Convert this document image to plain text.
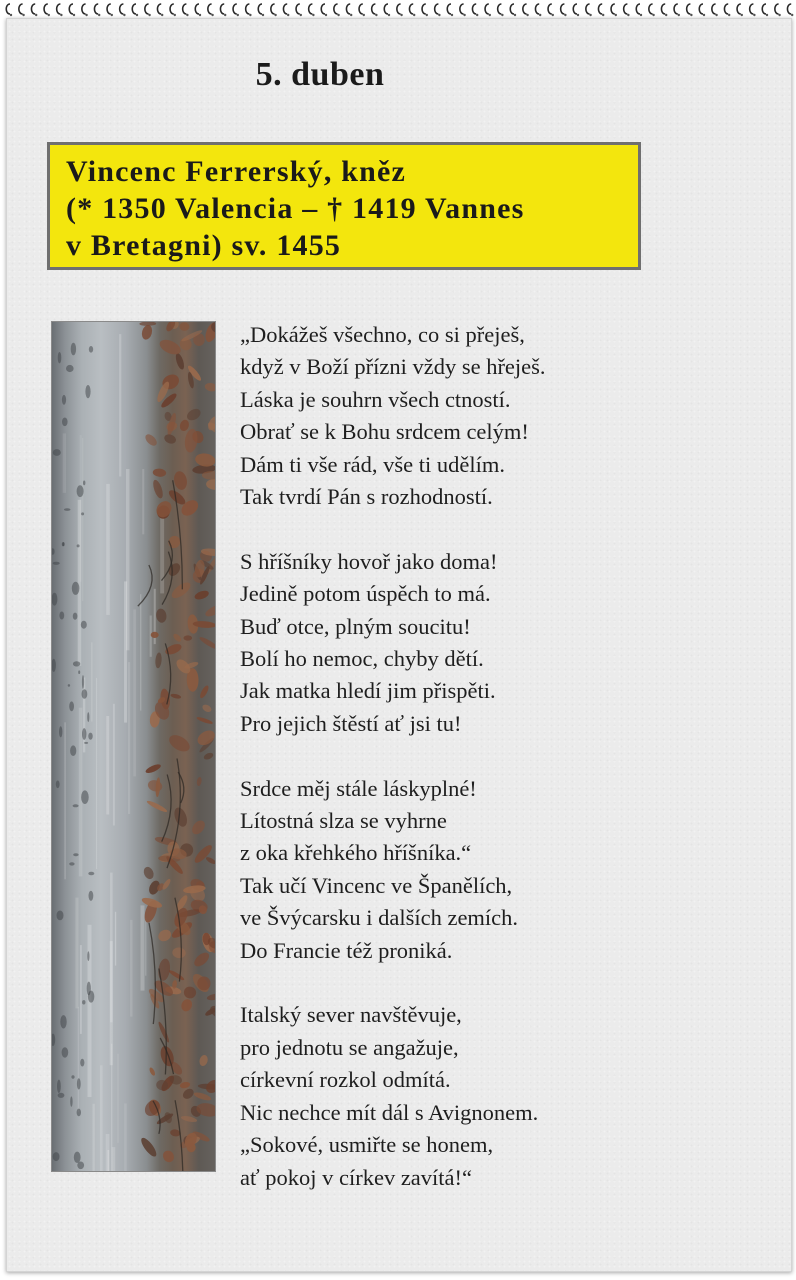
5. duben
Vincenc Ferrerský, kněz
(* 1350 Valencia – † 1419 Vannes
v Bretagni) sv. 1455
„Dokážeš všechno, co si přeješ,
když v Boží přízni vždy se hřeješ.
Láska je souhrn všech ctností.
Obrať se k Bohu srdcem celým!
Dám ti vše rád, vše ti udělím.
Tak tvrdí Pán s rozhodností.
S hříšníky hovoř jako doma!
Jedině potom úspěch to má.
Buď otce, plným soucitu!
Bolí ho nemoc, chyby dětí.
Jak matka hledí jim přispěti.
Pro jejich štěstí ať jsi tu!
Srdce měj stále láskyplné!
Lítostná slza se vyhrne
z oka křehkého hříšníka.“
Tak učí Vincenc ve Španělích,
ve Švýcarsku i dalších zemích.
Do Francie též proniká.
Italský sever navštěvuje,
pro jednotu se angažuje,
církevní rozkol odmítá.
Nic nechce mít dál s Avignonem.
„Sokové, usmiřte se honem,
ať pokoj v církev zavítá!“
